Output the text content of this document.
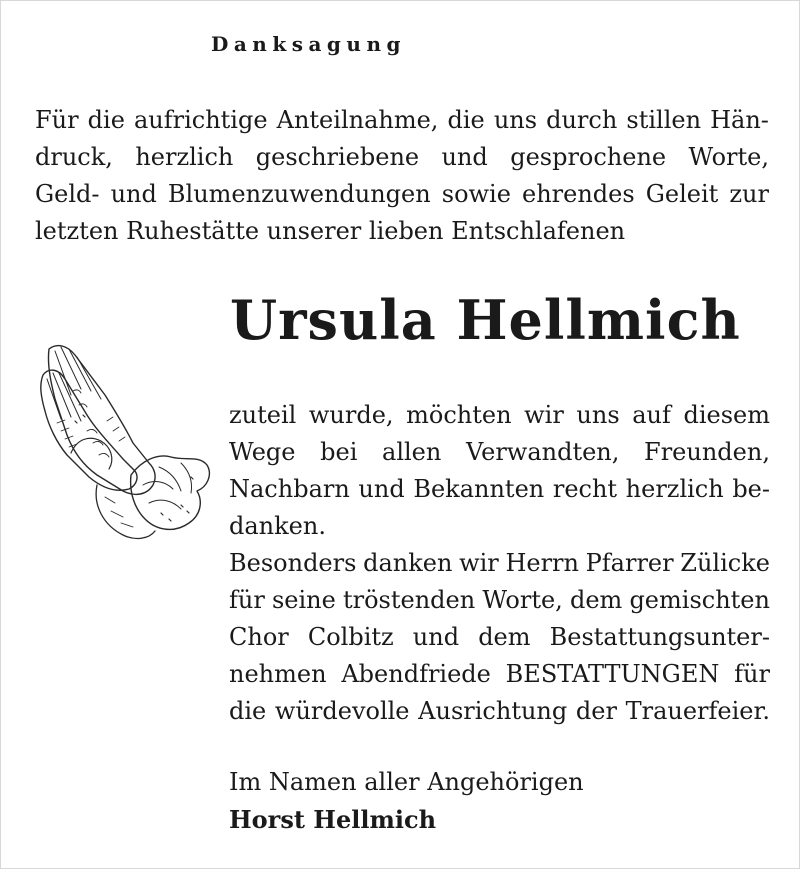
Danksagung
Für die aufrichtige Anteilnahme, die uns durch stillen Hän-
druck, herzlich geschriebene und gesprochene Worte,
Geld- und Blumenzuwendungen sowie ehrendes Geleit zur
letzten Ruhestätte unserer lieben Entschlafenen
Ursula Hellmich
zuteil wurde, möchten wir uns auf diesem
Wege bei allen Verwandten, Freunden,
Nachbarn und Bekannten recht herzlich be-
danken.
Besonders danken wir Herrn Pfarrer Zülicke
für seine tröstenden Worte, dem gemischten
Chor Colbitz und dem Bestattungsunter-
nehmen Abendfriede BESTATTUNGEN für
die würdevolle Ausrichtung der Trauerfeier.
Im Namen aller Angehörigen
Horst Hellmich
